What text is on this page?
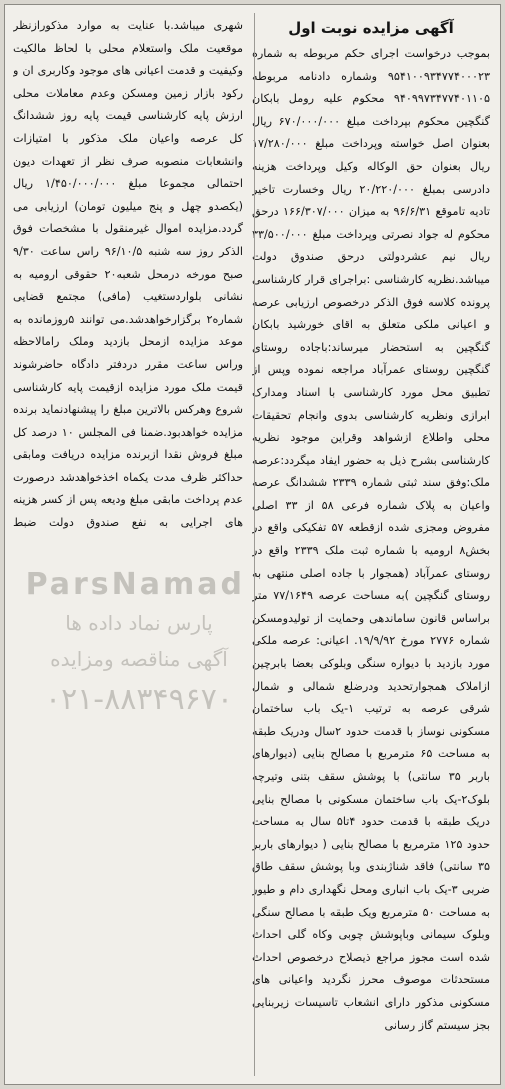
آگهی مزایده نوبت اول

بموجب درخواست اجرای حکم مربوطه به شماره ۹۵۴۱۰۰۹۳۴۷۷۴۰۰۰۲۳ وشماره دادنامه مربوطه ۹۴۰۹۹۷۳۴۷۷۴۰۱۱۰۵ محکوم علیه رومل بابکان گنگچین محکوم بپرداخت مبلغ ۶۷۰/۰۰۰/۰۰۰ ریال بعنوان اصل خواسته وپرداخت مبلغ ۱۷/۲۸۰/۰۰۰ ریال بعنوان حق الوکاله وکیل وپرداخت هزینه دادرسی بمبلغ ۲۰/۲۲۰/۰۰۰ ریال وخسارت تاخیر تادیه تاموقع ۹۶/۶/۳۱ به میزان ۱۶۶/۳۰۷/۰۰۰ درحق محکوم له جواد نصرتی وپرداخت مبلغ ۳۳/۵۰۰/۰۰۰ ریال نیم عشردولتی درحق صندوق دولت میباشد.نظریه کارشناسی :براجرای قرار کارشناسی پرونده کلاسه فوق الذکر درخصوص ارزیابی عرصه و اعیانی ملکی متعلق به اقای خورشید بابکان گنگچین به استحضار میرساند:باجاده روستای گنگچین روستای عمرآباد مراجعه نموده وپس از تطبیق محل مورد کارشناسی با اسناد ومدارک ابرازی ونظریه کارشناسی بدوی وانجام تحقیقات محلی واطلاع ازشواهد وقراین موجود نظریه کارشناسی بشرح ذیل به حضور ایفاد میگردد:عرصه ملک:وفق سند ثبتی شماره ۲۳۳۹ ششدانگ عرصه واعیان به پلاک شماره فرعی ۵۸ از ۳۳ اصلی مفروض ومجزی شده ازقطعه ۵۷ تفکیکی واقع در بخش۸ ارومیه با شماره ثبت ملک ۲۳۳۹ واقع در روستای عمرآباد (همجوار با جاده اصلی منتهی به روستای گنگچین )به مساحت عرصه ۷۷/۱۶۴۹ متر براساس قانون ساماندهی وحمایت از تولیدومسکن شماره ۲۷۷۶ مورخ ۱۹/۹/۹۲. اعیانی: عرصه ملکی مورد بازدید با دیواره سنگی وبلوکی بعضا بابرچین ازاملاک همجوارتحدید ودرضلع شمالی و شمال شرقی عرصه به ترتیب ۱-یک باب ساختمان مسکونی نوساز با قدمت حدود ۲سال ودریک طبقه به مساحت ۶۵ مترمربع با مصالح بنایی (دیوارهای باربر ۳۵ سانتی) با پوشش سقف بتنی وتیرچه بلوک۲-یک باب ساختمان مسکونی با مصالح بنایی دریک طبقه با قدمت حدود ۴تا۵ سال به مساحت حدود ۱۲۵ مترمربع با مصالح بنایی ( دیوارهای باربر ۳۵ سانتی) فاقد شناژبندی وبا پوشش سقف طاق ضربی ۳-یک باب انباری ومحل نگهداری دام و طیور به مساحت ۵۰ مترمربع ویک طبقه با مصالح سنگی وبلوک سیمانی وباپوشش چوبی وکاه گلی احداث شده است مجوز مراجع ذیصلاح درخصوص احداث مستحدثات موصوف محرز نگردید واعیانی های مسکونی مذکور دارای انشعاب تاسیسات زیربنایی بجز سیستم گاز رسانی

شهری میباشد.با عنایت به موارد مذکورازنظر موقعیت ملک واستعلام محلی با لحاظ مالکیت وکیفیت و قدمت اعیانی های موجود وکاربری ان و رکود بازار زمین ومسکن وعدم معاملات محلی ارزش پایه کارشناسی قیمت پایه روز ششدانگ کل عرصه واعیان ملک مذکور با امتیازات وانشعابات منصوبه صرف نظر از تعهدات دیون احتمالی مجموعا مبلغ ۱/۴۵۰/۰۰۰/۰۰۰ ریال (یکصدو چهل و پنج میلیون تومان) ارزیابی می گردد.مزایده اموال غیرمنقول با مشخصات فوق الذکر روز سه شنبه ۹۶/۱۰/۵ راس ساعت ۹/۳۰ صبح مورخه درمحل شعبه۲۰ حقوقی ارومیه به نشانی بلواردستغیب (مافی) مجتمع قضایی شماره۲ برگزارخواهدشد.می توانند ۵روزمانده به موعد مزایده ازمحل بازدید وملک رامالاحظه وراس ساعت مقرر دردفتر دادگاه حاضرشوند قیمت ملک مورد مزایده ازقیمت پایه کارشناسی شروع وهرکس بالاترین مبلغ را پیشنهادنماید برنده مزایده خواهدبود.ضمنا فی المجلس ۱۰ درصد کل مبلغ فروش نقدا ازبرنده مزایده دریافت ومابقی حداکثر ظرف مدت یکماه اخذخواهدشد درصورت عدم پرداخت مابقی مبلغ ودیعه پس از کسر هزینه های اجرایی به نفع صندوق دولت ضبط

ParsNamad
پارس نماد داده ها
آگهی مناقصه ومزایده
۰۲۱-۸۸۳۴۹۶۷۰
